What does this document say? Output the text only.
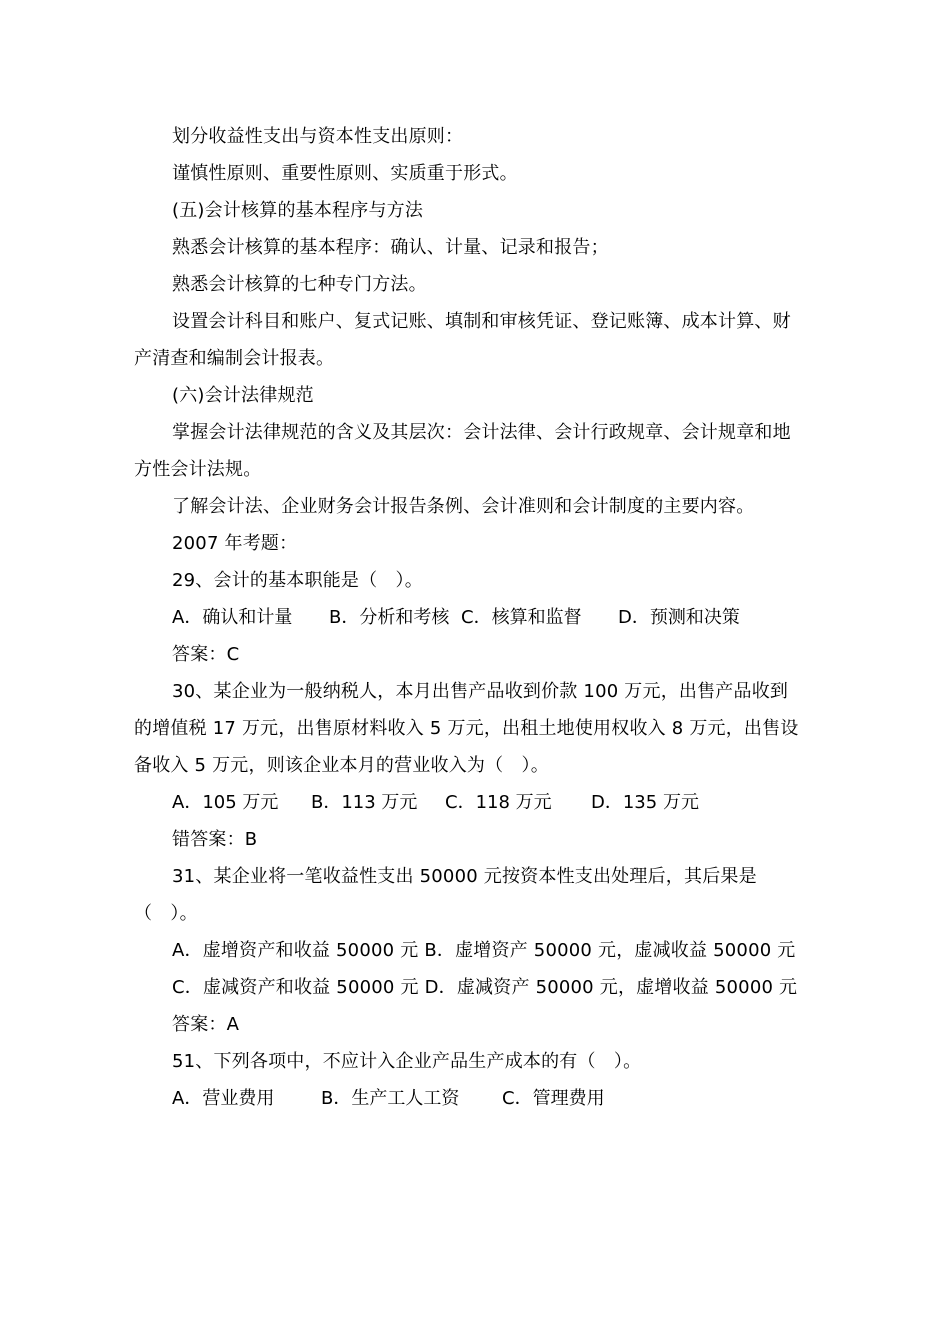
划分收益性支出与资本性支出原则：

谨慎性原则、重要性原则、实质重于形式。

(五)会计核算的基本程序与方法

熟悉会计核算的基本程序：确认、计量、记录和报告；

熟悉会计核算的七种专门方法。

设置会计科目和账户、复式记账、填制和审核凭证、登记账簿、成本计算、财产清查和编制会计报表。

(六)会计法律规范

掌握会计法律规范的含义及其层次：会计法律、会计行政规章、会计规章和地方性会计法规。

了解会计法、企业财务会计报告条例、会计准则和会计制度的主要内容。

2007 年考题：

29、会计的基本职能是（　）。

A．确认和计量 B．分析和考核 C．核算和监督 D．预测和决策

答案：C

30、某企业为一般纳税人，本月出售产品收到价款 100 万元，出售产品收到的增值税 17 万元，出售原材料收入 5 万元，出租土地使用权收入 8 万元，出售设备收入 5 万元，则该企业本月的营业收入为（　）。

A．105 万元 B．113 万元 C．118 万元 D．135 万元

错答案：B

31、某企业将一笔收益性支出 50000 元按资本性支出处理后，其后果是（　）。

A．虚增资产和收益 50000 元 B．虚增资产 50000 元，虚减收益 50000 元

C．虚减资产和收益 50000 元 D．虚减资产 50000 元，虚增收益 50000 元

答案：A

51、下列各项中，不应计入企业产品生产成本的有（　）。

A．营业费用	B．生产工人工资 C．管理费用
